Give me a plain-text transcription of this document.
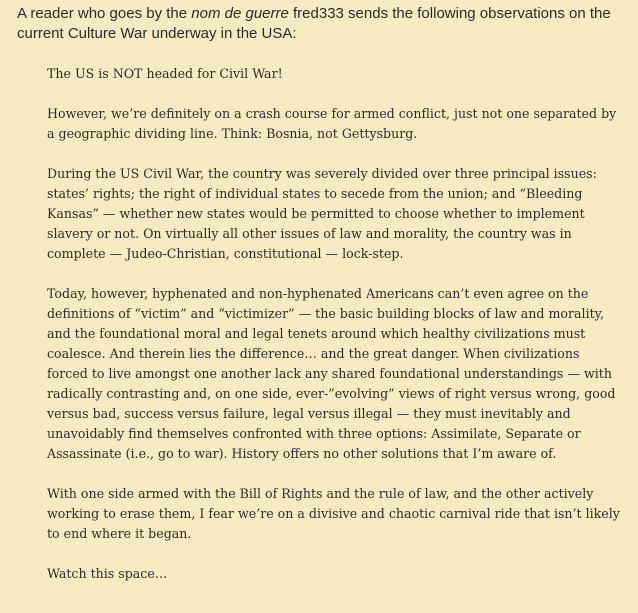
A reader who goes by the nom de guerre fred333 sends the following observations on the current Culture War underway in the USA:

The US is NOT headed for Civil War!

However, we’re definitely on a crash course for armed conflict, just not one separated by a geographic dividing line. Think: Bosnia, not Gettysburg.

During the US Civil War, the country was severely divided over three principal issues: states’ rights; the right of individual states to secede from the union; and “Bleeding Kansas” — whether new states would be permitted to choose whether to implement slavery or not. On virtually all other issues of law and morality, the country was in complete — Judeo-Christian, constitutional — lock-step.

Today, however, hyphenated and non-hyphenated Americans can’t even agree on the definitions of “victim” and “victimizer” — the basic building blocks of law and morality, and the foundational moral and legal tenets around which healthy civilizations must coalesce. And therein lies the difference… and the great danger. When civilizations forced to live amongst one another lack any shared foundational understandings — with radically contrasting and, on one side, ever-”evolving” views of right versus wrong, good versus bad, success versus failure, legal versus illegal — they must inevitably and unavoidably find themselves confronted with three options: Assimilate, Separate or Assassinate (i.e., go to war). History offers no other solutions that I’m aware of.

With one side armed with the Bill of Rights and the rule of law, and the other actively working to erase them, I fear we’re on a divisive and chaotic carnival ride that isn’t likely to end where it began.

Watch this space…
